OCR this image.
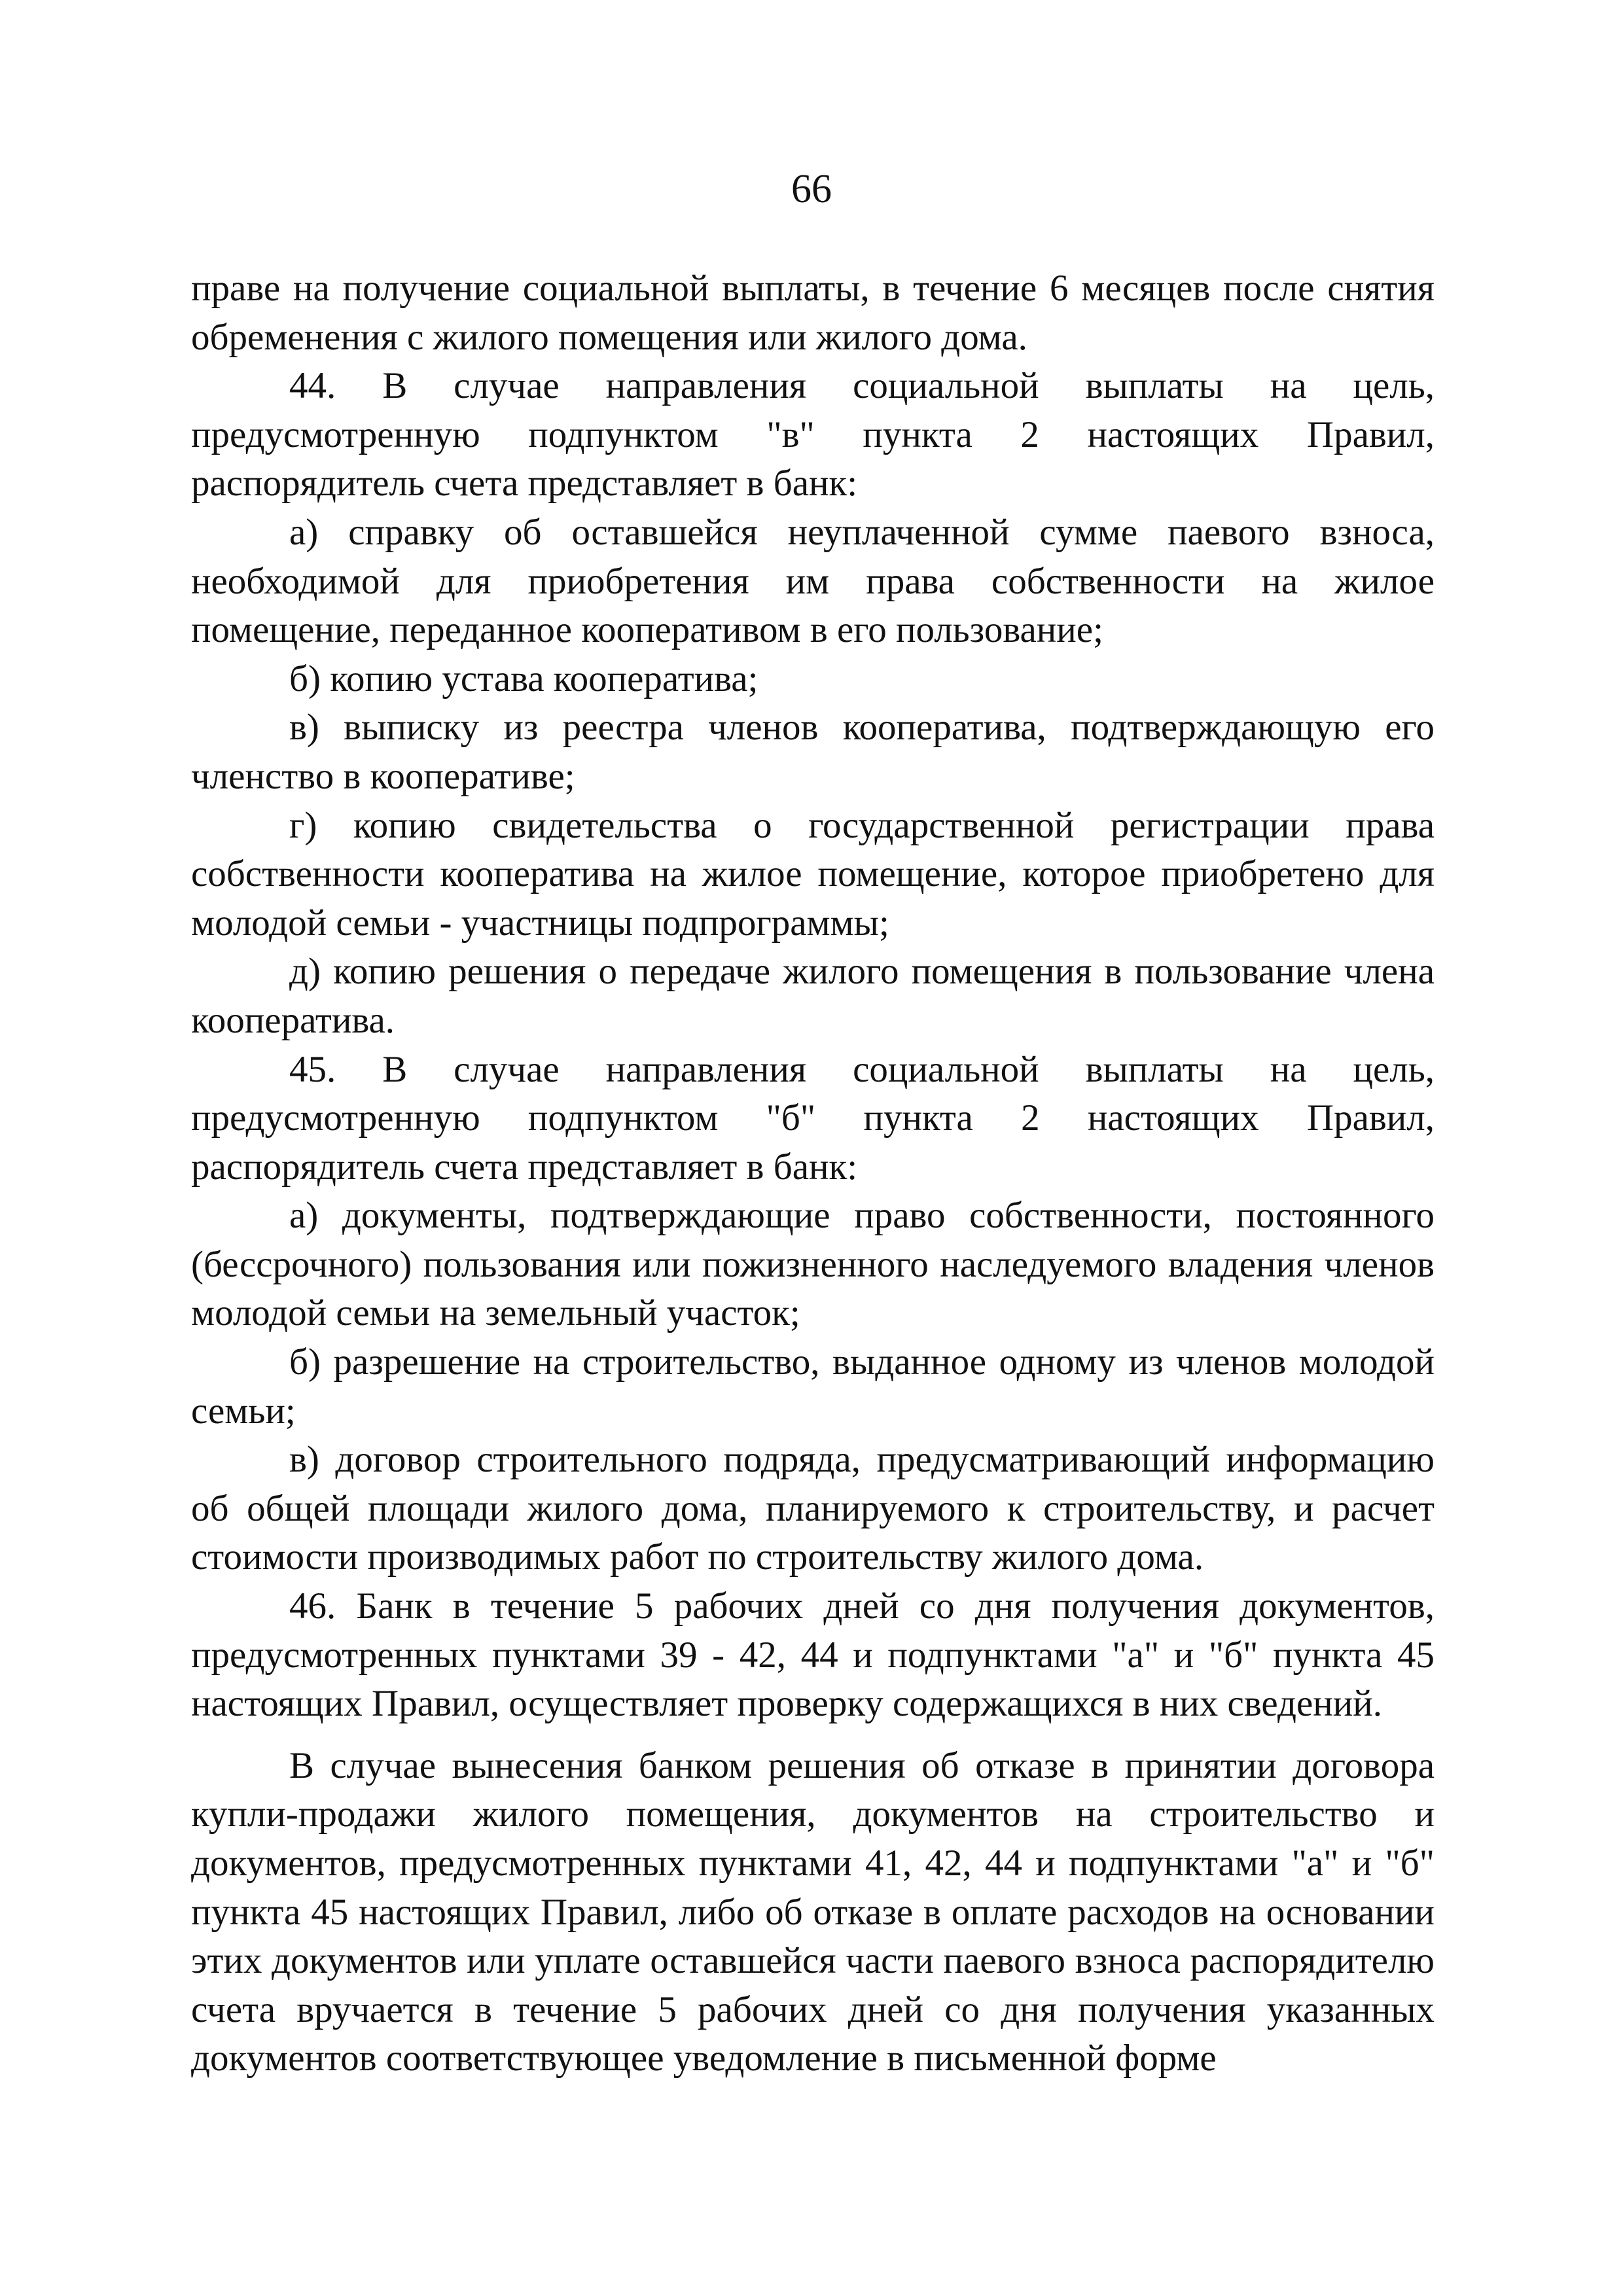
66

праве на получение социальной выплаты, в течение 6 месяцев после снятия обременения с жилого помещения или жилого дома.

44. В случае направления социальной выплаты на цель, предусмотренную подпунктом "в" пункта 2 настоящих Правил, распорядитель счета представляет в банк:

а) справку об оставшейся неуплаченной сумме паевого взноса, необходимой для приобретения им права собственности на жилое помещение, переданное кооперативом в его пользование;

б) копию устава кооператива;

в) выписку из реестра членов кооператива, подтверждающую его членство в кооперативе;

г) копию свидетельства о государственной регистрации права собственности кооператива на жилое помещение, которое приобретено для молодой семьи - участницы подпрограммы;

д) копию решения о передаче жилого помещения в пользование члена кооператива.

45. В случае направления социальной выплаты на цель, предусмотренную подпунктом "б" пункта 2 настоящих Правил, распорядитель счета представляет в банк:

а) документы, подтверждающие право собственности, постоянного (бессрочного) пользования или пожизненного наследуемого владения членов молодой семьи на земельный участок;

б) разрешение на строительство, выданное одному из членов молодой семьи;

в) договор строительного подряда, предусматривающий информацию об общей площади жилого дома, планируемого к строительству, и расчет стоимости производимых работ по строительству жилого дома.

46. Банк в течение 5 рабочих дней со дня получения документов, предусмотренных пунктами 39 - 42, 44 и подпунктами "а" и "б" пункта 45 настоящих Правил, осуществляет проверку содержащихся в них сведений.

В случае вынесения банком решения об отказе в принятии договора купли-продажи жилого помещения, документов на строительство и документов, предусмотренных пунктами 41, 42, 44 и подпунктами "а" и "б" пункта 45 настоящих Правил, либо об отказе в оплате расходов на основании этих документов или уплате оставшейся части паевого взноса распорядителю счета вручается в течение 5 рабочих дней со дня получения указанных документов соответствующее уведомление в письменной форме
